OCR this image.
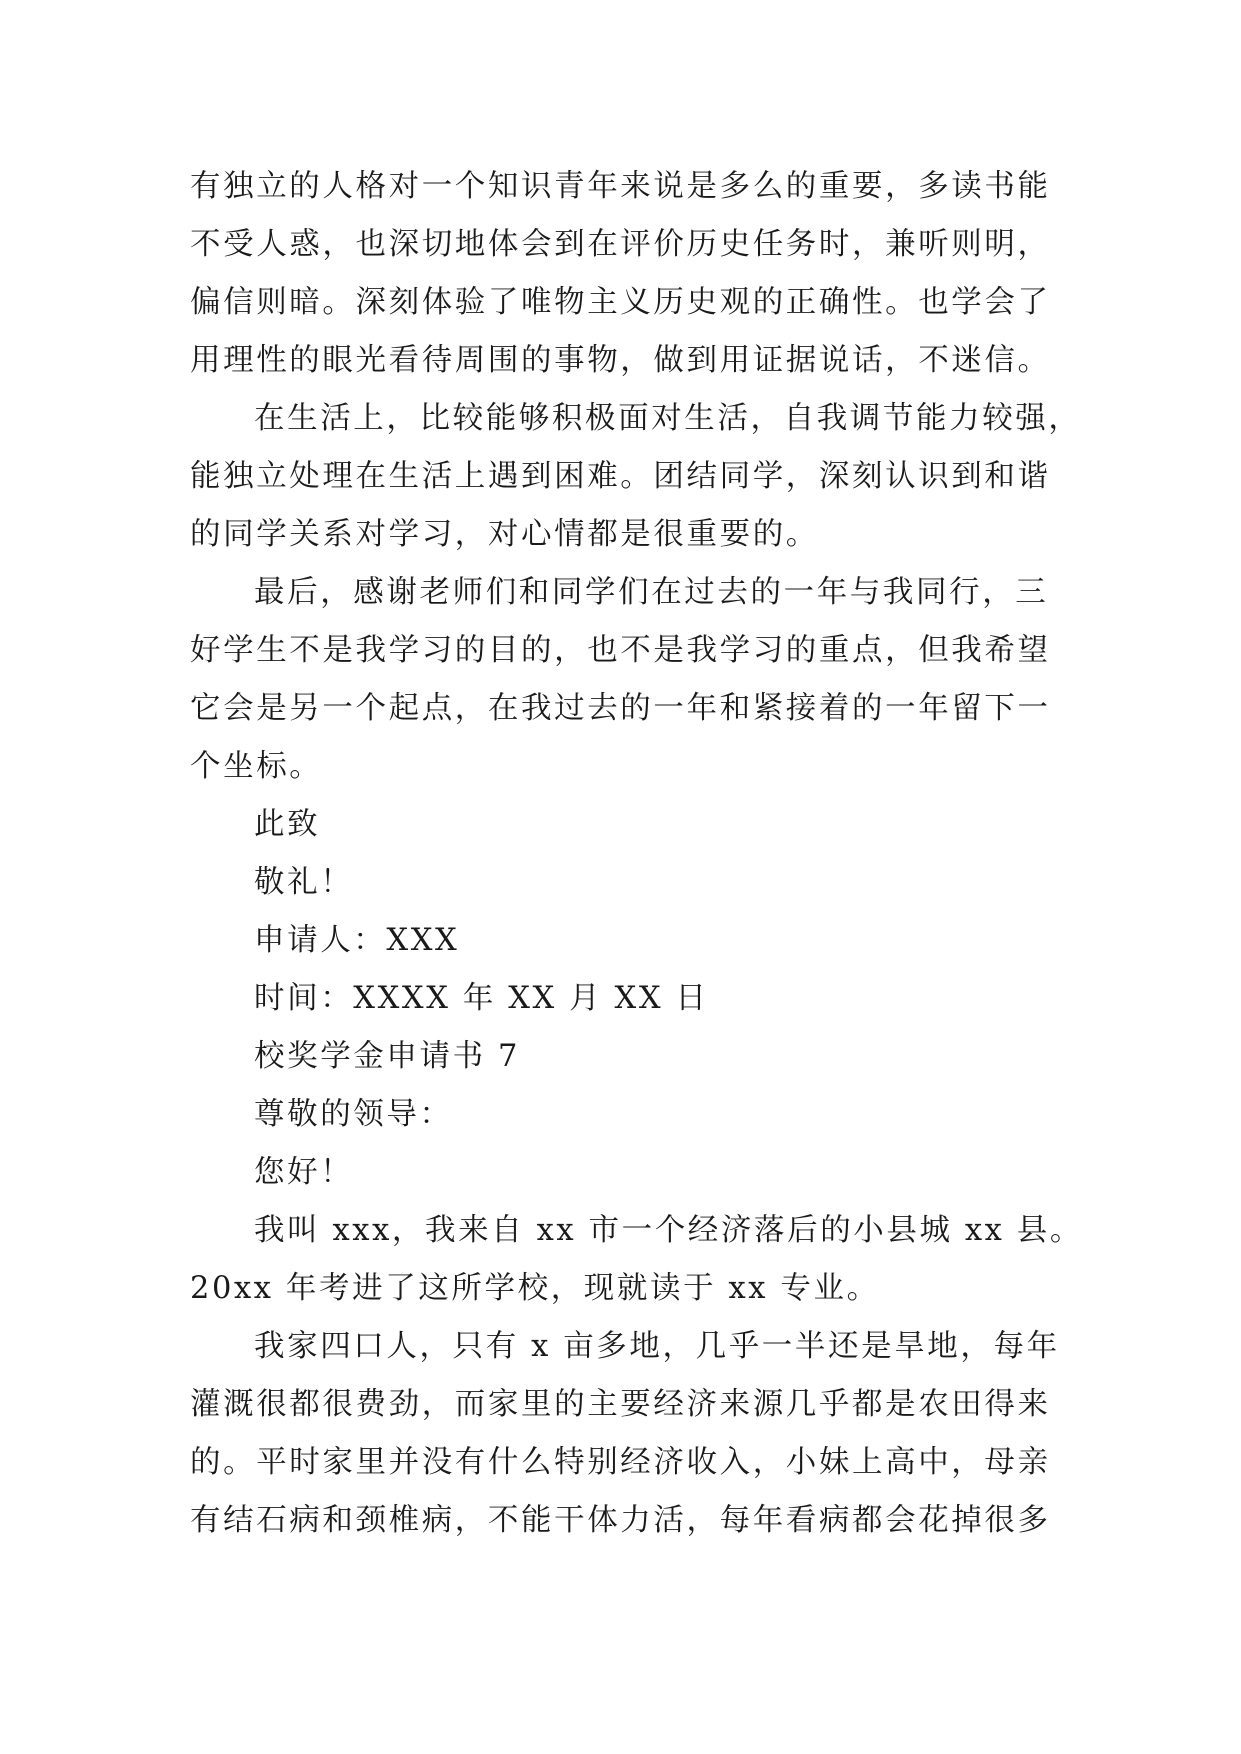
有独立的人格对一个知识青年来说是多么的重要，多读书能
不受人惑，也深切地体会到在评价历史任务时，兼听则明，
偏信则暗。深刻体验了唯物主义历史观的正确性。也学会了
用理性的眼光看待周围的事物，做到用证据说话，不迷信。
在生活上，比较能够积极面对生活，自我调节能力较强，
能独立处理在生活上遇到困难。团结同学，深刻认识到和谐
的同学关系对学习，对心情都是很重要的。
最后，感谢老师们和同学们在过去的一年与我同行，三
好学生不是我学习的目的，也不是我学习的重点，但我希望
它会是另一个起点，在我过去的一年和紧接着的一年留下一
个坐标。
此致
敬礼！
申请人：XXX
时间：XXXX 年 XX 月 XX 日
校奖学金申请书 7
尊敬的领导：
您好！
我叫 xxx，我来自 xx 市一个经济落后的小县城 xx 县。
20xx 年考进了这所学校，现就读于 xx 专业。
我家四口人，只有 x 亩多地，几乎一半还是旱地，每年
灌溉很都很费劲，而家里的主要经济来源几乎都是农田得来
的。平时家里并没有什么特别经济收入，小妹上高中，母亲
有结石病和颈椎病，不能干体力活，每年看病都会花掉很多
